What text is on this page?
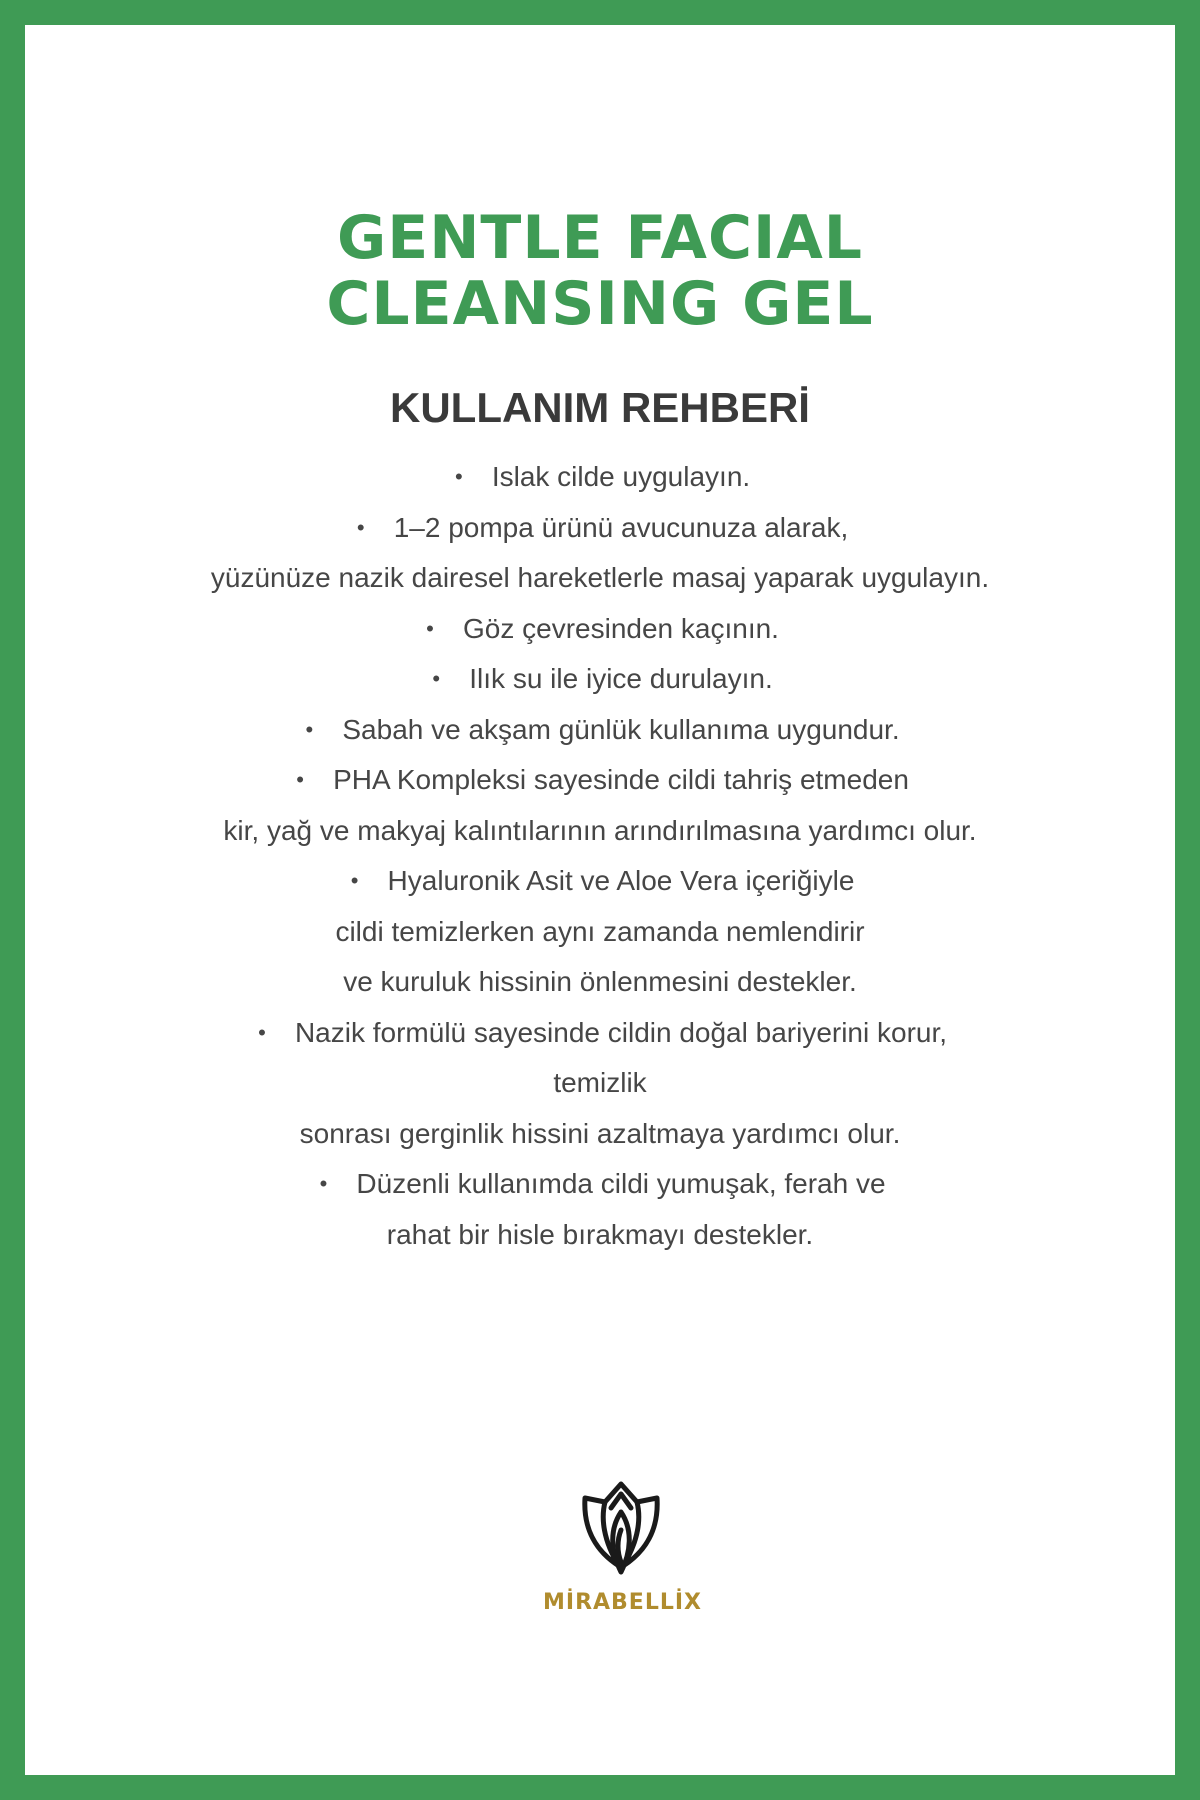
GENTLE FACIAL
CLEANSING GEL
KULLANIM REHBERİ
• Islak cilde uygulayın.
• 1–2 pompa ürünü avucunuza alarak,
yüzünüze nazik dairesel hareketlerle masaj yaparak uygulayın.
• Göz çevresinden kaçının.
• Ilık su ile iyice durulayın.
• Sabah ve akşam günlük kullanıma uygundur.
• PHA Kompleksi sayesinde cildi tahriş etmeden
kir, yağ ve makyaj kalıntılarının arındırılmasına yardımcı olur.
• Hyaluronik Asit ve Aloe Vera içeriğiyle
cildi temizlerken aynı zamanda nemlendirir
ve kuruluk hissinin önlenmesini destekler.
• Nazik formülü sayesinde cildin doğal bariyerini korur,
temizlik
sonrası gerginlik hissini azaltmaya yardımcı olur.
• Düzenli kullanımda cildi yumuşak, ferah ve
rahat bir hisle bırakmayı destekler.
MİRABELLİX
